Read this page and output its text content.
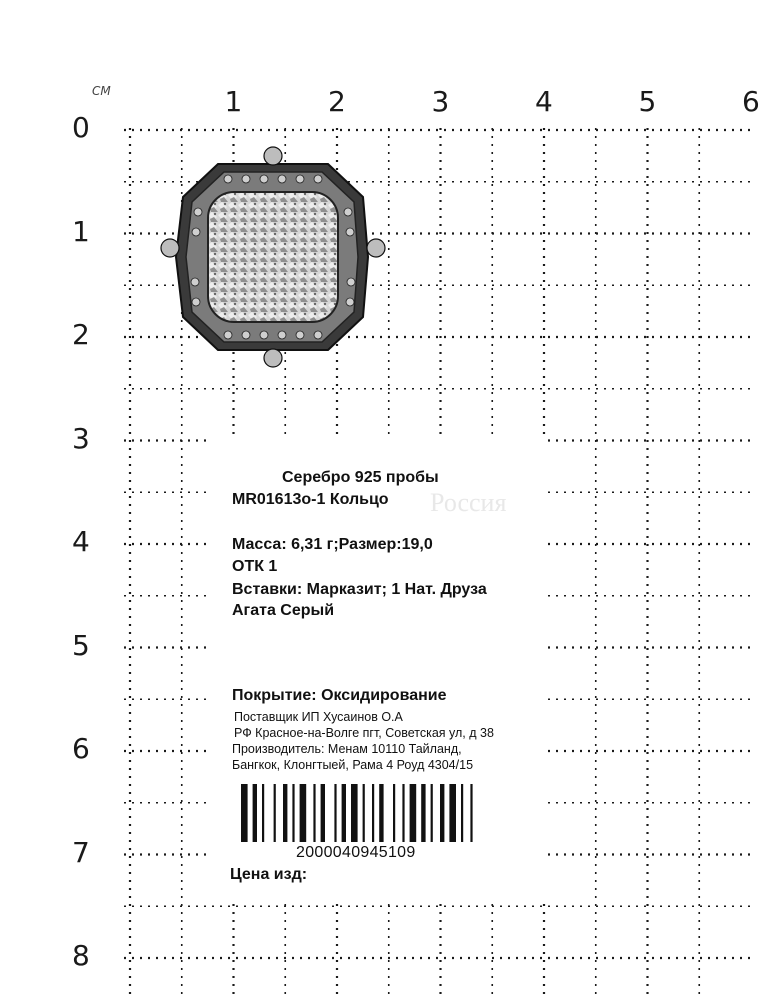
CM	1	2	3	4	5	6
0
1
2
3
4
5
6
7
8
Россия
Серебро 925 пробы
MR01613o-1 Кольцо
Масса: 6,31 г;Размер:19,0
ОТК 1
Вставки: Марказит; 1 Нат. Друза
Агата Серый
Покрытие: Оксидирование
Поставщик ИП Хусаинов О.А
РФ Красное-на-Волге пгт, Советская ул, д 38
Производитель: Менам 10110 Тайланд,
Бангкок, Клонгтыей, Рама 4 Роуд 4304/15
2000040945109
Цена изд:
